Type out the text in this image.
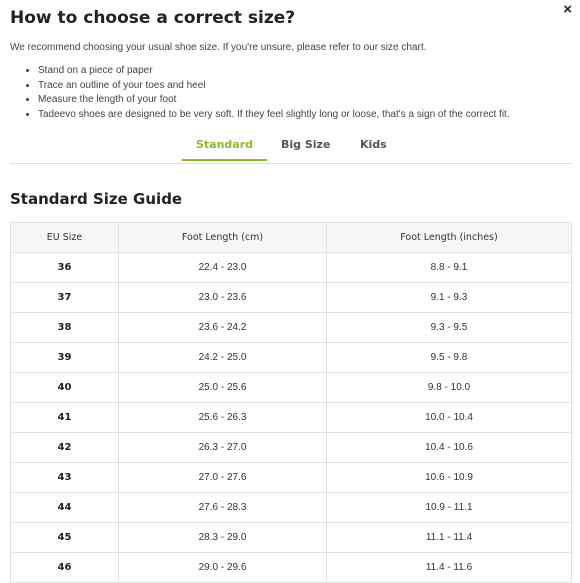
×
How to choose a correct size?

We recommend choosing your usual shoe size. If you're unsure, please refer to our size chart.

• Stand on a piece of paper
• Trace an outline of your toes and heel
• Measure the length of your foot
• Tadeevo shoes are designed to be very soft. If they feel slightly long or loose, that's a sign of the correct fit.
Standard	Big Size	Kids
Standard Size Guide
EU Size	Foot Length (cm)	Foot Length (inches)
36	22.4 - 23.0	8.8 - 9.1
37	23.0 - 23.6	9.1 - 9.3
38	23.6 - 24.2	9.3 - 9.5
39	24.2 - 25.0	9.5 - 9.8
40	25.0 - 25.6	9.8 - 10.0
41	25.6 - 26.3	10.0 - 10.4
42	26.3 - 27.0	10.4 - 10.6
43	27.0 - 27.6	10.6 - 10.9
44	27.6 - 28.3	10.9 - 11.1
45	28.3 - 29.0	11.1 - 11.4
46	29.0 - 29.6	11.4 - 11.6
